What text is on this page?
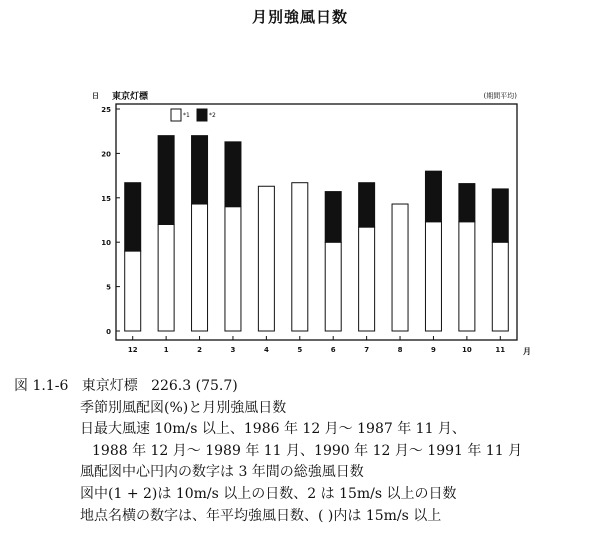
月別強風日数
日 東京灯標	(期間平均)
月
0
5
10
15
20
25
12	1	2	3	4	5	6	7	8	9	10	11
*1	*2
図 1.1-6 東京灯標 226.3 (75.7)
季節別風配図(%)と月別強風日数
日最大風速 10m/s 以上、1986 年 12 月～ 1987 年 11 月、
1988 年 12 月～ 1989 年 11 月、1990 年 12 月～ 1991 年 11 月
風配図中心円内の数字は 3 年間の総強風日数
図中(1 + 2)は 10m/s 以上の日数、2 は 15m/s 以上の日数
地点名横の数字は、年平均強風日数、( )内は 15m/s 以上
